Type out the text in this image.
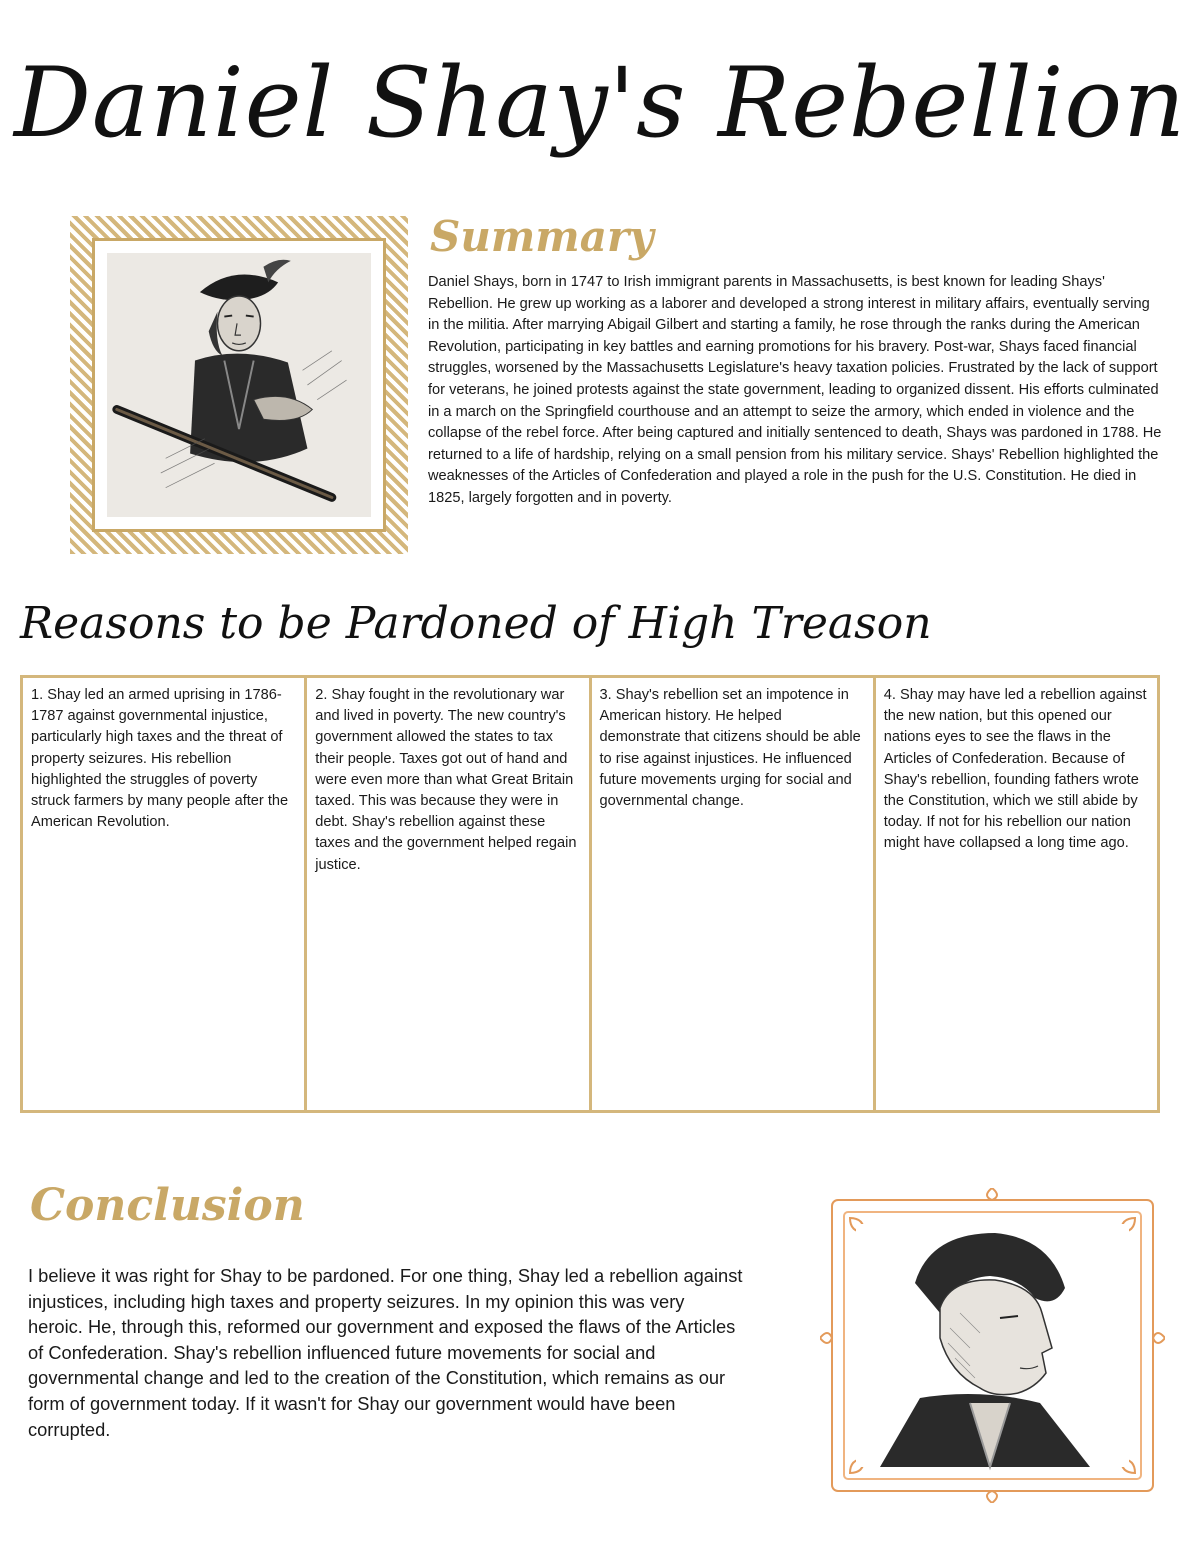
Daniel Shay's Rebellion
Summary

Daniel Shays, born in 1747 to Irish immigrant parents in Massachusetts, is best known for leading Shays' Rebellion. He grew up working as a laborer and developed a strong interest in military affairs, eventually serving in the militia. After marrying Abigail Gilbert and starting a family, he rose through the ranks during the American Revolution, participating in key battles and earning promotions for his bravery. Post-war, Shays faced financial struggles, worsened by the Massachusetts Legislature's heavy taxation policies. Frustrated by the lack of support for veterans, he joined protests against the state government, leading to organized dissent. His efforts culminated in a march on the Springfield courthouse and an attempt to seize the armory, which ended in violence and the collapse of the rebel force. After being captured and initially sentenced to death, Shays was pardoned in 1788. He returned to a life of hardship, relying on a small pension from his military service. Shays' Rebellion highlighted the weaknesses of the Articles of Confederation and played a role in the push for the U.S. Constitution. He died in 1825, largely forgotten and in poverty.

Reasons to be Pardoned of High Treason
1. Shay led an armed uprising in 1786-1787 against governmental injustice, particularly high taxes and the threat of property seizures. His rebellion highlighted the struggles of poverty struck farmers by many people after the American Revolution.
2. Shay fought in the revolutionary war and lived in poverty. The new country's government allowed the states to tax their people. Taxes got out of hand and were even more than what Great Britain taxed. This was because they were in debt. Shay's rebellion against these taxes and the government helped regain justice.
3. Shay's rebellion set an impotence in American history. He helped demonstrate that citizens should be able to rise against injustices. He influenced future movements urging for social and governmental change.
4. Shay may have led a rebellion against the new nation, but this opened our nations eyes to see the flaws in the Articles of Confederation. Because of Shay's rebellion, founding fathers wrote the Constitution, which we still abide by today. If not for his rebellion our nation might have collapsed a long time ago.
Conclusion

I believe it was right for Shay to be pardoned. For one thing, Shay led a rebellion against injustices, including high taxes and property seizures. In my opinion this was very heroic. He, through this, reformed our government and exposed the flaws of the Articles of Confederation. Shay's rebellion influenced future movements for social and governmental change and led to the creation of the Constitution, which remains as our form of government today. If it wasn't for Shay our government would have been corrupted.
